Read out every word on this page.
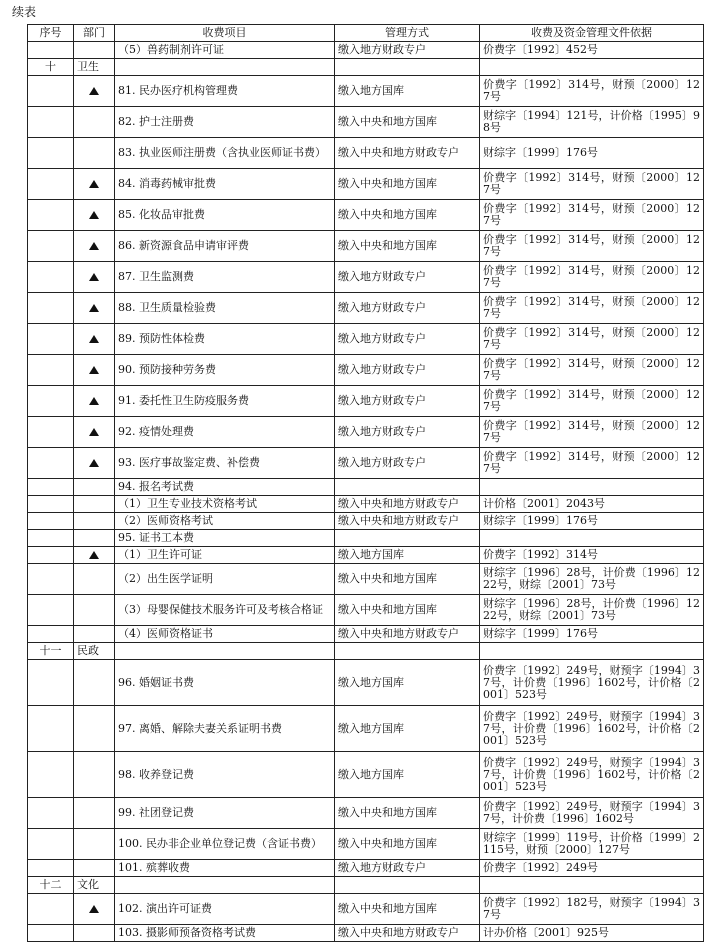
续表
序号	部门	收费项目	管理方式	收费及资金管理文件依据
		（5）兽药制剂许可证	缴入地方财政专户	价费字〔1992〕452号
十	卫生			
		81. 民办医疗机构管理费	缴入地方国库	价费字〔1992〕314号，财预〔2000〕127号
		82. 护士注册费	缴入中央和地方国库	财综字〔1994〕121号，计价格〔1995〕98号
		83. 执业医师注册费（含执业医师证书费）	缴入中央和地方财政专户	财综字〔1999〕176号
		84. 消毒药械审批费	缴入中央和地方国库	价费字〔1992〕314号，财预〔2000〕127号
		85. 化妆品审批费	缴入中央和地方国库	价费字〔1992〕314号，财预〔2000〕127号
		86. 新资源食品申请审评费	缴入中央和地方国库	价费字〔1992〕314号，财预〔2000〕127号
		87. 卫生监测费	缴入地方财政专户	价费字〔1992〕314号，财预〔2000〕127号
		88. 卫生质量检验费	缴入地方财政专户	价费字〔1992〕314号，财预〔2000〕127号
		89. 预防性体检费	缴入地方财政专户	价费字〔1992〕314号，财预〔2000〕127号
		90. 预防接种劳务费	缴入地方财政专户	价费字〔1992〕314号，财预〔2000〕127号
		91. 委托性卫生防疫服务费	缴入地方财政专户	价费字〔1992〕314号，财预〔2000〕127号
		92. 疫情处理费	缴入地方财政专户	价费字〔1992〕314号，财预〔2000〕127号
		93. 医疗事故鉴定费、补偿费	缴入地方财政专户	价费字〔1992〕314号，财预〔2000〕127号
		94. 报名考试费		
		（1）卫生专业技术资格考试	缴入中央和地方财政专户	计价格〔2001〕2043号
		（2）医师资格考试	缴入中央和地方财政专户	财综字〔1999〕176号
		95. 证书工本费		
		（1）卫生许可证	缴入地方国库	价费字〔1992〕314号
		（2）出生医学证明	缴入中央和地方国库	财综字〔1996〕28号，计价费〔1996〕1222号，财综〔2001〕73号
		（3）母婴保健技术服务许可及考核合格证	缴入中央和地方国库	财综字〔1996〕28号，计价费〔1996〕1222号，财综〔2001〕73号
		（4）医师资格证书	缴入中央和地方财政专户	财综字〔1999〕176号
十一	民政			
		96. 婚姻证书费	缴入地方国库	价费字〔1992〕249号，财预字〔1994〕37号，计价费〔1996〕1602号，计价格〔2001〕523号
		97. 离婚、解除夫妻关系证明书费	缴入地方国库	价费字〔1992〕249号，财预字〔1994〕37号，计价费〔1996〕1602号，计价格〔2001〕523号
		98. 收养登记费	缴入地方国库	价费字〔1992〕249号，财预字〔1994〕37号，计价费〔1996〕1602号，计价格〔2001〕523号
		99. 社团登记费	缴入中央和地方国库	价费字〔1992〕249号，财预字〔1994〕37号，计价费〔1996〕1602号
		100. 民办非企业单位登记费（含证书费）	缴入中央和地方国库	财综字〔1999〕119号，计价格〔1999〕2115号，财预〔2000〕127号
		101. 殡葬收费	缴入地方财政专户	价费字〔1992〕249号
十二	文化			
		102. 演出许可证费	缴入中央和地方国库	价费字〔1992〕182号，财预字〔1994〕37号
		103. 摄影师预备资格考试费	缴入中央和地方财政专户	计办价格〔2001〕925号
